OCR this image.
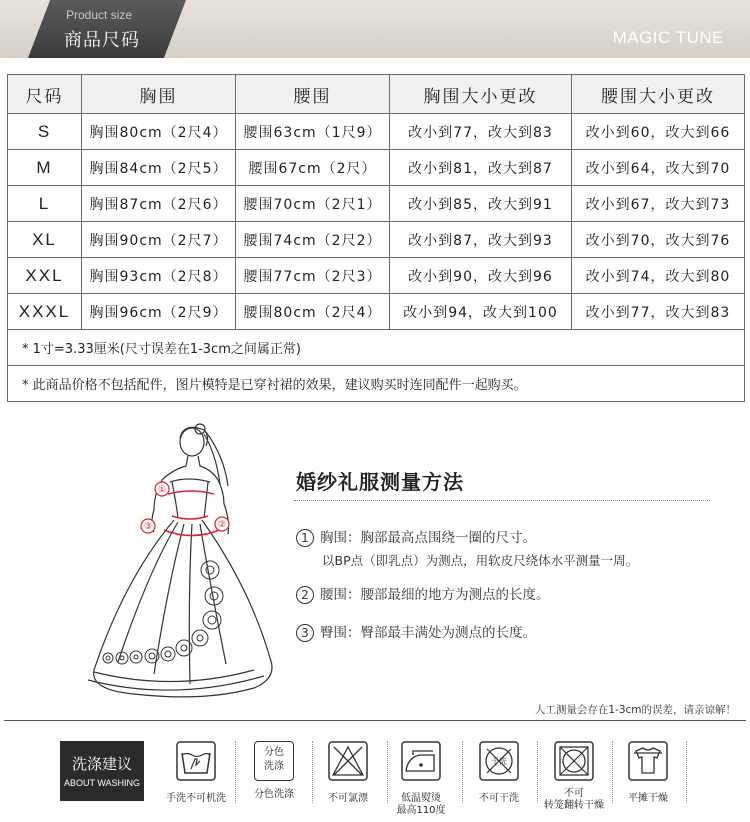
Product size
商品尺码	MAGIC TUNE
尺码	胸围	腰围	胸围大小更改	腰围大小更改
S	胸围80cm（2尺4）	腰围63cm（1尺9）	改小到77，改大到83	改小到60，改大到66
M	胸围84cm（2尺5）	腰围67cm（2尺）	改小到81，改大到87	改小到64，改大到70
L	胸围87cm（2尺6）	腰围70cm（2尺1）	改小到85，改大到91	改小到67，改大到73
XL	胸围90cm（2尺7）	腰围74cm（2尺2）	改小到87，改大到93	改小到70，改大到76
XXL	胸围93cm（2尺8）	腰围77cm（2尺3）	改小到90，改大到96	改小到74，改大到80
XXXL	胸围96cm（2尺9）	腰围80cm（2尺4）	改小到94，改大到100	改小到77，改大到83
* 1寸=3.33厘米(尺寸误差在1-3cm之间属正常)				
* 此商品价格不包括配件，图片模特是已穿衬裙的效果，建议购买时连同配件一起购买。				
①
②
③
婚纱礼服测量方法
1 胸围：胸部最高点围绕一圈的尺寸。
以BP点（即乳点）为测点，用软皮尺绕体水平测量一周。
2 腰围：腰部最细的地方为测点的长度。
3 臀围：臀部最丰满处为测点的长度。
人工测量会存在1-3cm的误差，请亲谅解！
洗涤建议
ABOUT WASHING
手洗不可机洗
分色
洗涤
分色洗涤	不可氯漂	低温熨烫
最高110度
干洗
不可干洗	不可
转笼翻转干燥
平摊干燥
